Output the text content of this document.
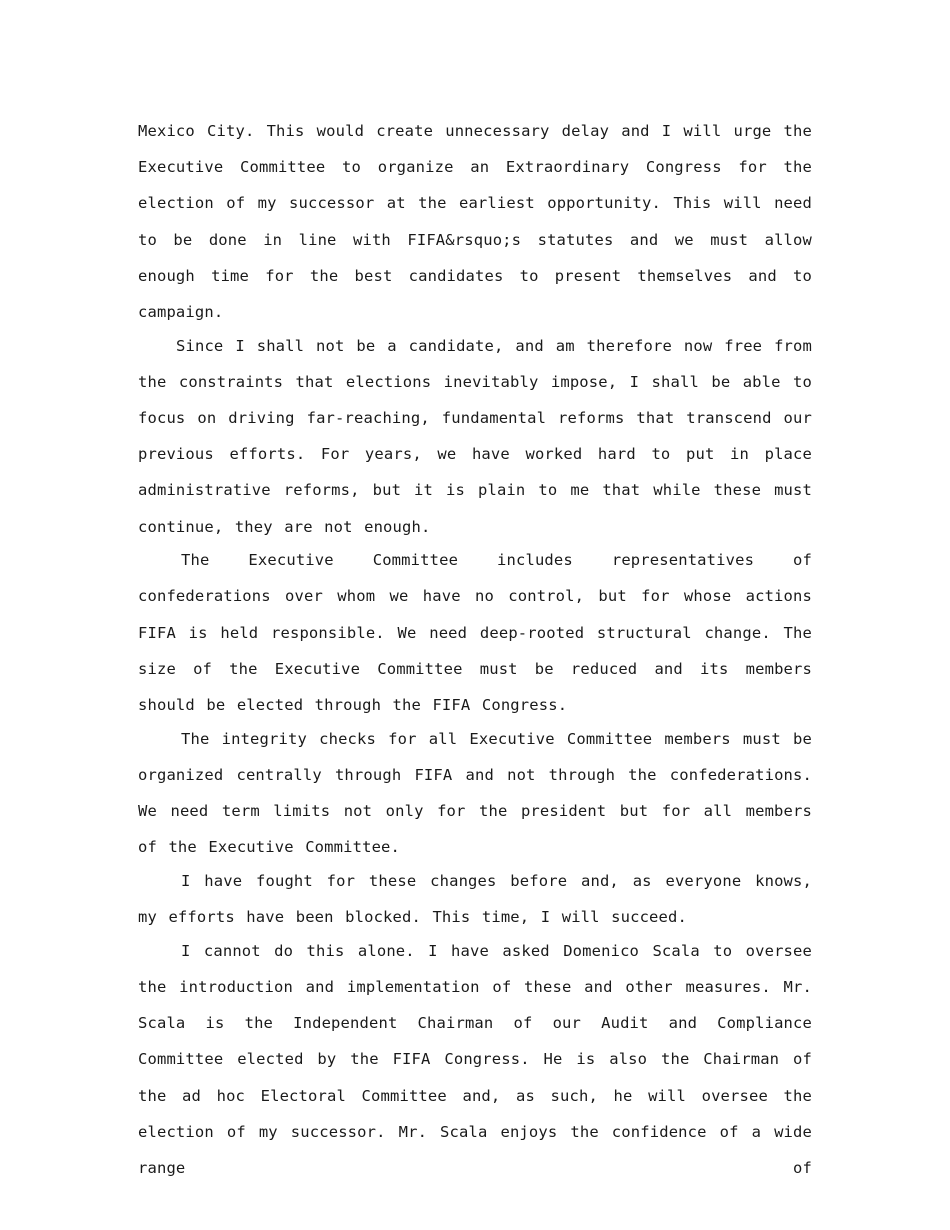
Mexico City. This would create unnecessary delay and I will urge the Executive Committee to organize an Extraordinary Congress for the election of my successor at the earliest opportunity. This will need to be done in line with FIFA&rsquo;s statutes and we must allow enough time for the best candidates to present themselves and to campaign.

Since I shall not be a candidate, and am therefore now free from the constraints that elections inevitably impose, I shall be able to focus on driving far-reaching, fundamental reforms that transcend our previous efforts. For years, we have worked hard to put in place administrative reforms, but it is plain to me that while these must continue, they are not enough.

The Executive Committee includes representatives of confederations over whom we have no control, but for whose actions FIFA is held responsible. We need deep-rooted structural change. The size of the Executive Committee must be reduced and its members should be elected through the FIFA Congress.

The integrity checks for all Executive Committee members must be organized centrally through FIFA and not through the confederations. We need term limits not only for the president but for all members of the Executive Committee.

I have fought for these changes before and, as everyone knows, my efforts have been blocked. This time, I will succeed.

I cannot do this alone. I have asked Domenico Scala to oversee the introduction and implementation of these and other measures. Mr. Scala is the Independent Chairman of our Audit and Compliance Committee elected by the FIFA Congress. He is also the Chairman of the ad hoc Electoral Committee and, as such, he will oversee the election of my successor. Mr. Scala enjoys the confidence of a wide range of
